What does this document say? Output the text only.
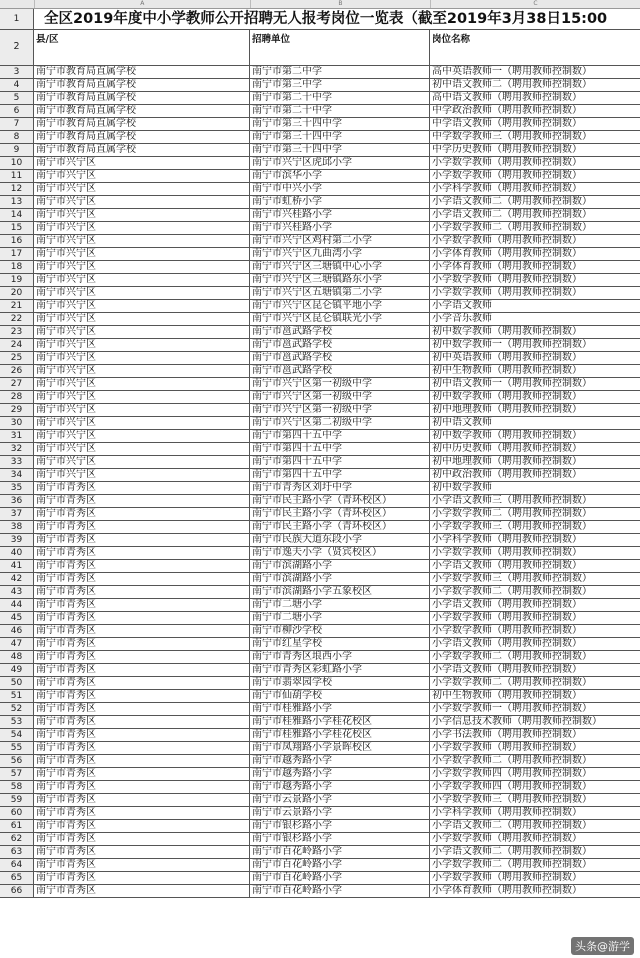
A	B	C
1	全区2019年度中小学教师公开招聘无人报考岗位一览表（截至2019年3月38日15:00
2
县/区	招聘单位	岗位名称
3	南宁市教育局直属学校	南宁市第二中学	高中英语教师一（聘用教师控制数）
4	南宁市教育局直属学校	南宁市第三中学	初中语文教师二（聘用教师控制数）
5	南宁市教育局直属学校	南宁市第二十中学	高中语文教师（聘用教师控制数）
6	南宁市教育局直属学校	南宁市第二十中学	中学政治教师（聘用教师控制数）
7	南宁市教育局直属学校	南宁市第三十四中学	中学语文教师（聘用教师控制数）
8	南宁市教育局直属学校	南宁市第三十四中学	中学数学教师三（聘用教师控制数）
9	南宁市教育局直属学校	南宁市第三十四中学	中学历史教师（聘用教师控制数）
10	南宁市兴宁区	南宁市兴宁区虎邱小学	小学数学教师（聘用教师控制数）
11	南宁市兴宁区	南宁市滨华小学	小学数学教师（聘用教师控制数）
12	南宁市兴宁区	南宁市中兴小学	小学科学教师（聘用教师控制数）
13	南宁市兴宁区	南宁市虹桥小学	小学语文教师二（聘用教师控制数）
14	南宁市兴宁区	南宁市兴桂路小学	小学语文教师二（聘用教师控制数）
15	南宁市兴宁区	南宁市兴桂路小学	小学数学教师二（聘用教师控制数）
16	南宁市兴宁区	南宁市兴宁区鸡村第二小学	小学数学教师（聘用教师控制数）
17	南宁市兴宁区	南宁市兴宁区九曲湾小学	小学体育教师（聘用教师控制数）
18	南宁市兴宁区	南宁市兴宁区三塘镇中心小学	小学体育教师（聘用教师控制数）
19	南宁市兴宁区	南宁市兴宁区三塘镇路东小学	小学数学教师（聘用教师控制数）
20	南宁市兴宁区	南宁市兴宁区五塘镇第二小学	小学数学教师（聘用教师控制数）
21	南宁市兴宁区	南宁市兴宁区昆仑镇平地小学	小学语文教师
22	南宁市兴宁区	南宁市兴宁区昆仑镇联光小学	小学音乐教师
23	南宁市兴宁区	南宁市邕武路学校	初中数学教师（聘用教师控制数）
24	南宁市兴宁区	南宁市邕武路学校	初中数学教师一（聘用教师控制数）
25	南宁市兴宁区	南宁市邕武路学校	初中英语教师（聘用教师控制数）
26	南宁市兴宁区	南宁市邕武路学校	初中生物教师（聘用教师控制数）
27	南宁市兴宁区	南宁市兴宁区第一初级中学	初中语文教师一（聘用教师控制数）
28	南宁市兴宁区	南宁市兴宁区第一初级中学	初中数学教师（聘用教师控制数）
29	南宁市兴宁区	南宁市兴宁区第一初级中学	初中地理教师（聘用教师控制数）
30	南宁市兴宁区	南宁市兴宁区第二初级中学	初中语文教师
31	南宁市兴宁区	南宁市第四十五中学	初中数学教师（聘用教师控制数）
32	南宁市兴宁区	南宁市第四十五中学	初中历史教师（聘用教师控制数）
33	南宁市兴宁区	南宁市第四十五中学	初中地理教师（聘用教师控制数）
34	南宁市兴宁区	南宁市第四十五中学	初中政治教师（聘用教师控制数）
35	南宁市青秀区	南宁市青秀区刘圩中学	初中数学教师
36	南宁市青秀区	南宁市民主路小学（青环校区）	小学语文教师三（聘用教师控制数）
37	南宁市青秀区	南宁市民主路小学（青环校区）	小学数学教师二（聘用教师控制数）
38	南宁市青秀区	南宁市民主路小学（青环校区）	小学数学教师三（聘用教师控制数）
39	南宁市青秀区	南宁市民族大道东段小学	小学科学教师（聘用教师控制数）
40	南宁市青秀区	南宁市逸夫小学（贤宾校区）	小学数学教师（聘用教师控制数）
41	南宁市青秀区	南宁市滨湖路小学	小学语文教师（聘用教师控制数）
42	南宁市青秀区	南宁市滨湖路小学	小学数学教师三（聘用教师控制数）
43	南宁市青秀区	南宁市滨湖路小学五象校区	小学数学教师二（聘用教师控制数）
44	南宁市青秀区	南宁市二塘小学	小学语文教师（聘用教师控制数）
45	南宁市青秀区	南宁市二塘小学	小学数学教师（聘用教师控制数）
46	南宁市青秀区	南宁市柳沙学校	小学数学教师（聘用教师控制数）
47	南宁市青秀区	南宁市红星学校	小学语文教师（聘用教师控制数）
48	南宁市青秀区	南宁市青秀区埌西小学	小学数学教师二（聘用教师控制数）
49	南宁市青秀区	南宁市青秀区彩虹路小学	小学语文教师（聘用教师控制数）
50	南宁市青秀区	南宁市翡翠园学校	小学数学教师二（聘用教师控制数）
51	南宁市青秀区	南宁市仙葫学校	初中生物教师（聘用教师控制数）
52	南宁市青秀区	南宁市桂雅路小学	小学数学教师一（聘用教师控制数）
53	南宁市青秀区	南宁市桂雅路小学桂花校区	小学信息技术教师（聘用教师控制数）
54	南宁市青秀区	南宁市桂雅路小学桂花校区	小学书法教师（聘用教师控制数）
55	南宁市青秀区	南宁市凤翔路小学景晖校区	小学数学教师（聘用教师控制数）
56	南宁市青秀区	南宁市越秀路小学	小学数学教师二（聘用教师控制数）
57	南宁市青秀区	南宁市越秀路小学	小学数学教师四（聘用教师控制数）
58	南宁市青秀区	南宁市越秀路小学	小学数学教师四（聘用教师控制数）
59	南宁市青秀区	南宁市云景路小学	小学数学教师三（聘用教师控制数）
60	南宁市青秀区	南宁市云景路小学	小学科学教师（聘用教师控制数）
61	南宁市青秀区	南宁市银杉路小学	小学语文教师二（聘用教师控制数）
62	南宁市青秀区	南宁市银杉路小学	小学数学教师（聘用教师控制数）
63	南宁市青秀区	南宁市百花岭路小学	小学语文教师二（聘用教师控制数）
64	南宁市青秀区	南宁市百花岭路小学	小学数学教师二（聘用教师控制数）
65	南宁市青秀区	南宁市百花岭路小学	小学数学教师（聘用教师控制数）
66	南宁市青秀区	南宁市百花岭路小学	小学体育教师（聘用教师控制数）
头条@游学
